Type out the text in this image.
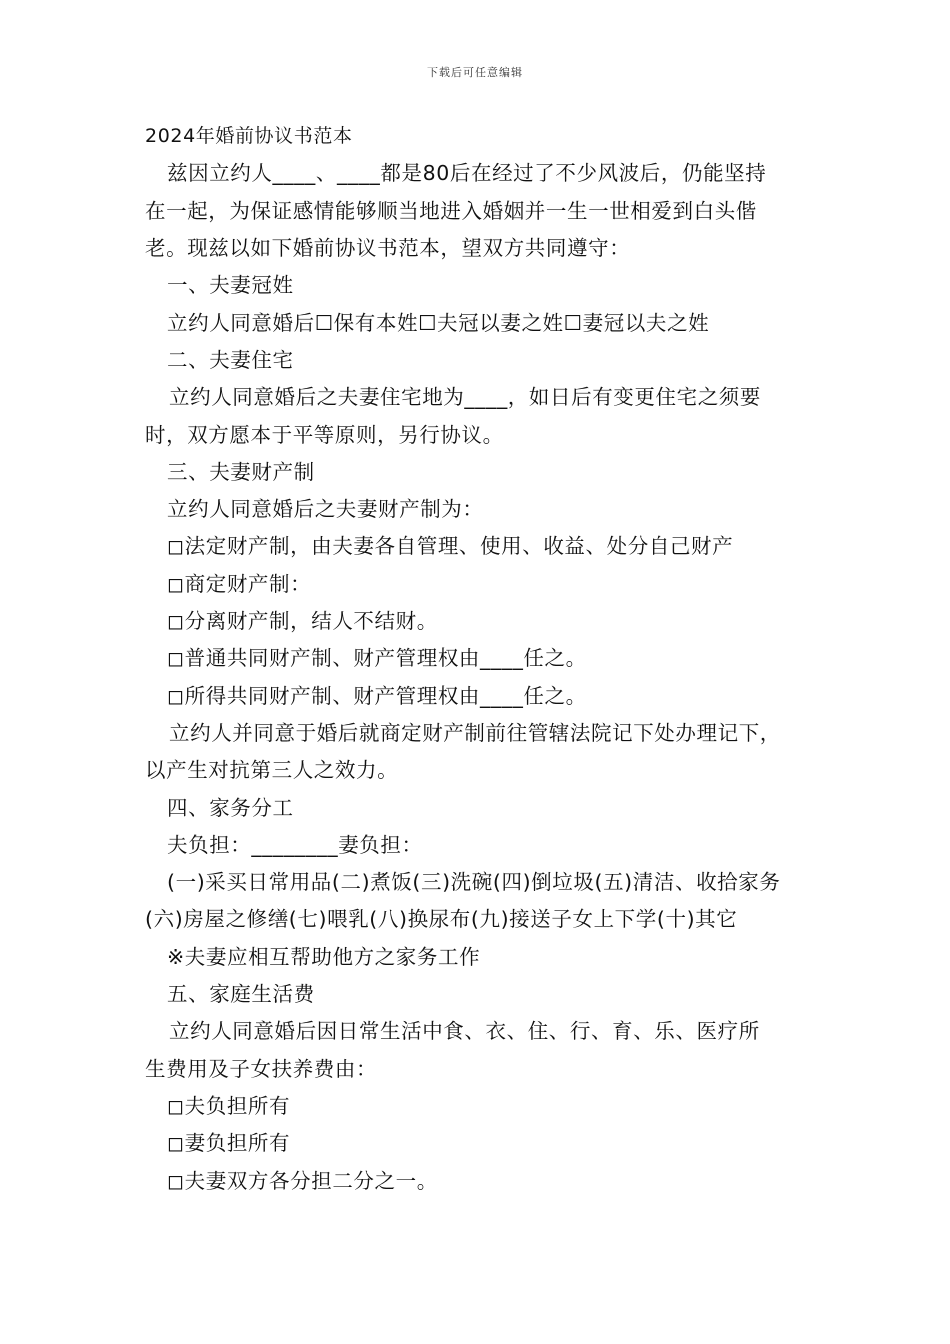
下载后可任意编辑
2024年婚前协议书范本
兹因立约人____、____都是80后在经过了不少风波后，仍能坚持
在一起，为保证感情能够顺当地进入婚姻并一生一世相爱到白头偕
老。现兹以如下婚前协议书范本，望双方共同遵守：
一、夫妻冠姓
立约人同意婚后☐保有本姓☐夫冠以妻之姓☐妻冠以夫之姓
二、夫妻住宅
立约人同意婚后之夫妻住宅地为____，如日后有变更住宅之须要
时，双方愿本于平等原则，另行协议。
三、夫妻财产制
立约人同意婚后之夫妻财产制为：
◻法定财产制，由夫妻各自管理、使用、收益、处分自己财产
◻商定财产制：
◻分离财产制，结人不结财。
◻普通共同财产制、财产管理权由____任之。
◻所得共同财产制、财产管理权由____任之。
立约人并同意于婚后就商定财产制前往管辖法院记下处办理记下，
以产生对抗第三人之效力。
四、家务分工
夫负担：________妻负担：
(一)采买日常用品(二)煮饭(三)洗碗(四)倒垃圾(五)清洁、收拾家务
(六)房屋之修缮(七)喂乳(八)换尿布(九)接送子女上下学(十)其它
※夫妻应相互帮助他方之家务工作
五、家庭生活费
立约人同意婚后因日常生活中食、衣、住、行、育、乐、医疗所
生费用及子女扶养费由：
◻夫负担所有
◻妻负担所有
◻夫妻双方各分担二分之一。
